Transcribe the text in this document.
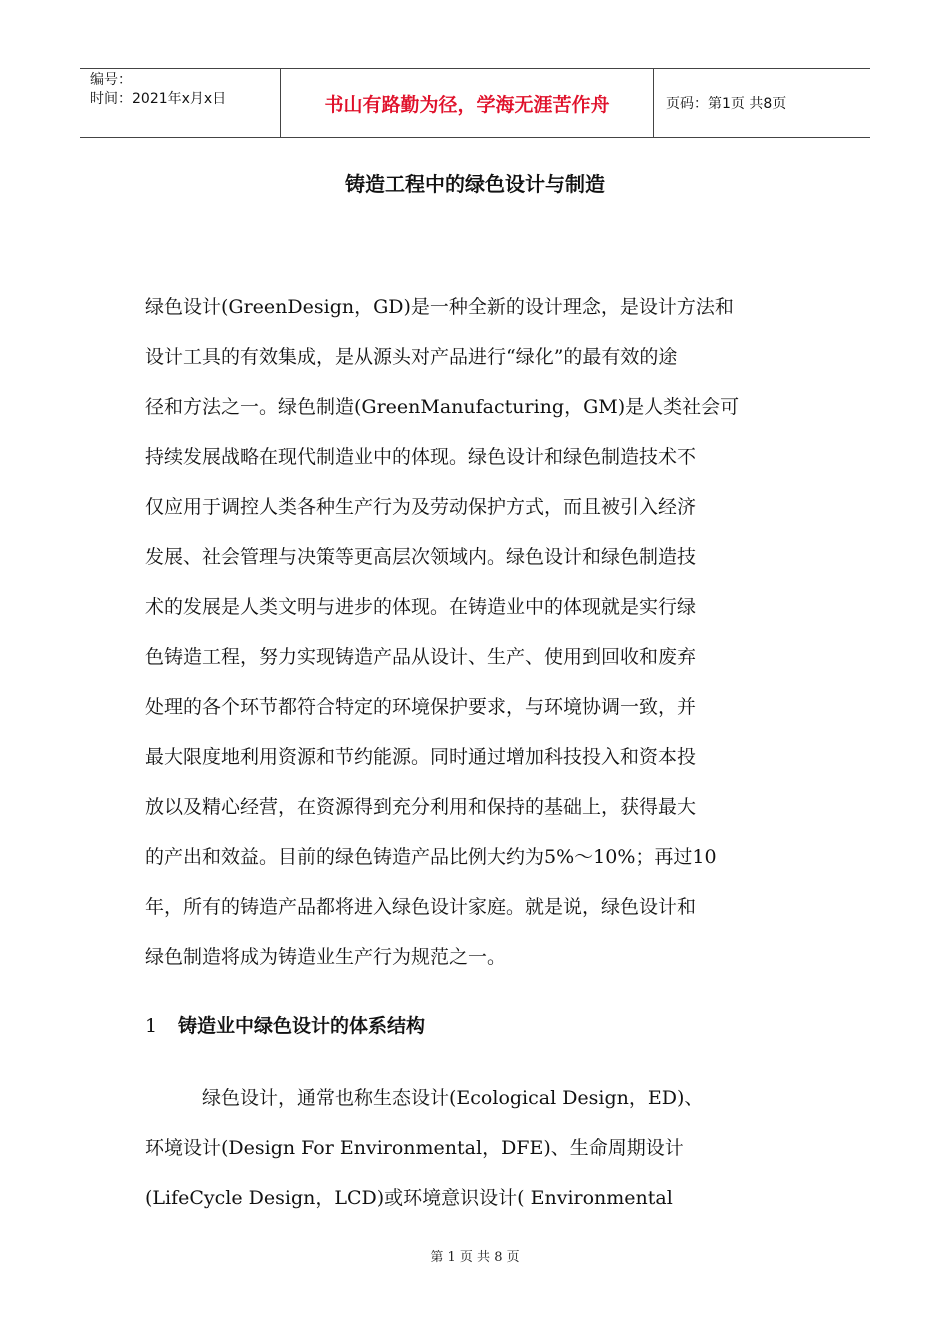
编号：
时间：2021年x月x日	书山有路勤为径，学海无涯苦作舟	页码：第1页 共8页
铸造工程中的绿色设计与制造
绿色设计(GreenDesign，GD)是一种全新的设计理念，是设计方法和
设计工具的有效集成，是从源头对产品进行“绿化”的最有效的途
径和方法之一。绿色制造(GreenManufacturing，GM)是人类社会可
持续发展战略在现代制造业中的体现。绿色设计和绿色制造技术不
仅应用于调控人类各种生产行为及劳动保护方式，而且被引入经济
发展、社会管理与决策等更高层次领域内。绿色设计和绿色制造技
术的发展是人类文明与进步的体现。在铸造业中的体现就是实行绿
色铸造工程，努力实现铸造产品从设计、生产、使用到回收和废弃
处理的各个环节都符合特定的环境保护要求，与环境协调一致，并
最大限度地利用资源和节约能源。同时通过增加科技投入和资本投
放以及精心经营，在资源得到充分利用和保持的基础上，获得最大
的产出和效益。目前的绿色铸造产品比例大约为5%～10%；再过10
年，所有的铸造产品都将进入绿色设计家庭。就是说，绿色设计和
绿色制造将成为铸造业生产行为规范之一。
1 铸造业中绿色设计的体系结构
　　　绿色设计，通常也称生态设计(Ecological Design，ED)、
环境设计(Design For Environmental，DFE)、生命周期设计
(LifeCycle Design，LCD)或环境意识设计( Environmental
第 1 页 共 8 页
